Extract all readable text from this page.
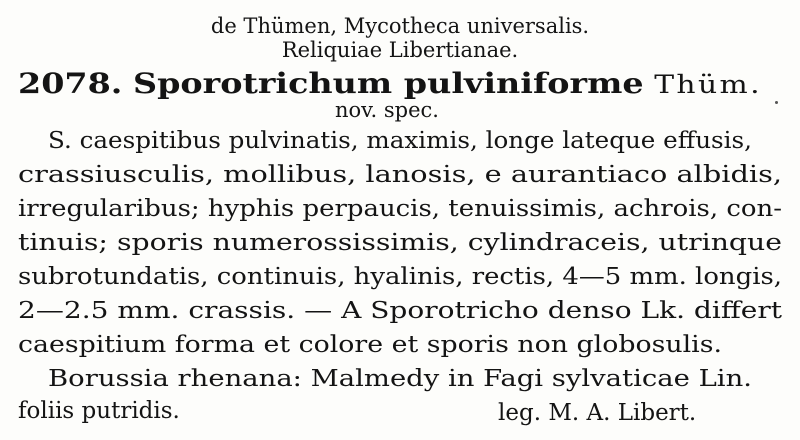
de Thümen, Mycotheca universalis.
Reliquiae Libertianae.
2078. Sporotrichum pulviniforme Thüm.
nov. spec.
S. caespitibus pulvinatis, maximis, longe lateque effusis,
crassiusculis, mollibus, lanosis, e aurantiaco albidis,
irregularibus; hyphis perpaucis, tenuissimis, achrois, con-
tinuis; sporis numerossissimis, cylindraceis, utrinque
subrotundatis, continuis, hyalinis, rectis, 4—5 mm. longis,
2—2.5 mm. crassis. — A Sporotricho denso Lk. differt
caespitium forma et colore et sporis non globosulis.
Borussia rhenana: Malmedy in Fagi sylvaticae Lin.
foliis putridis.	leg. M. A. Libert.
